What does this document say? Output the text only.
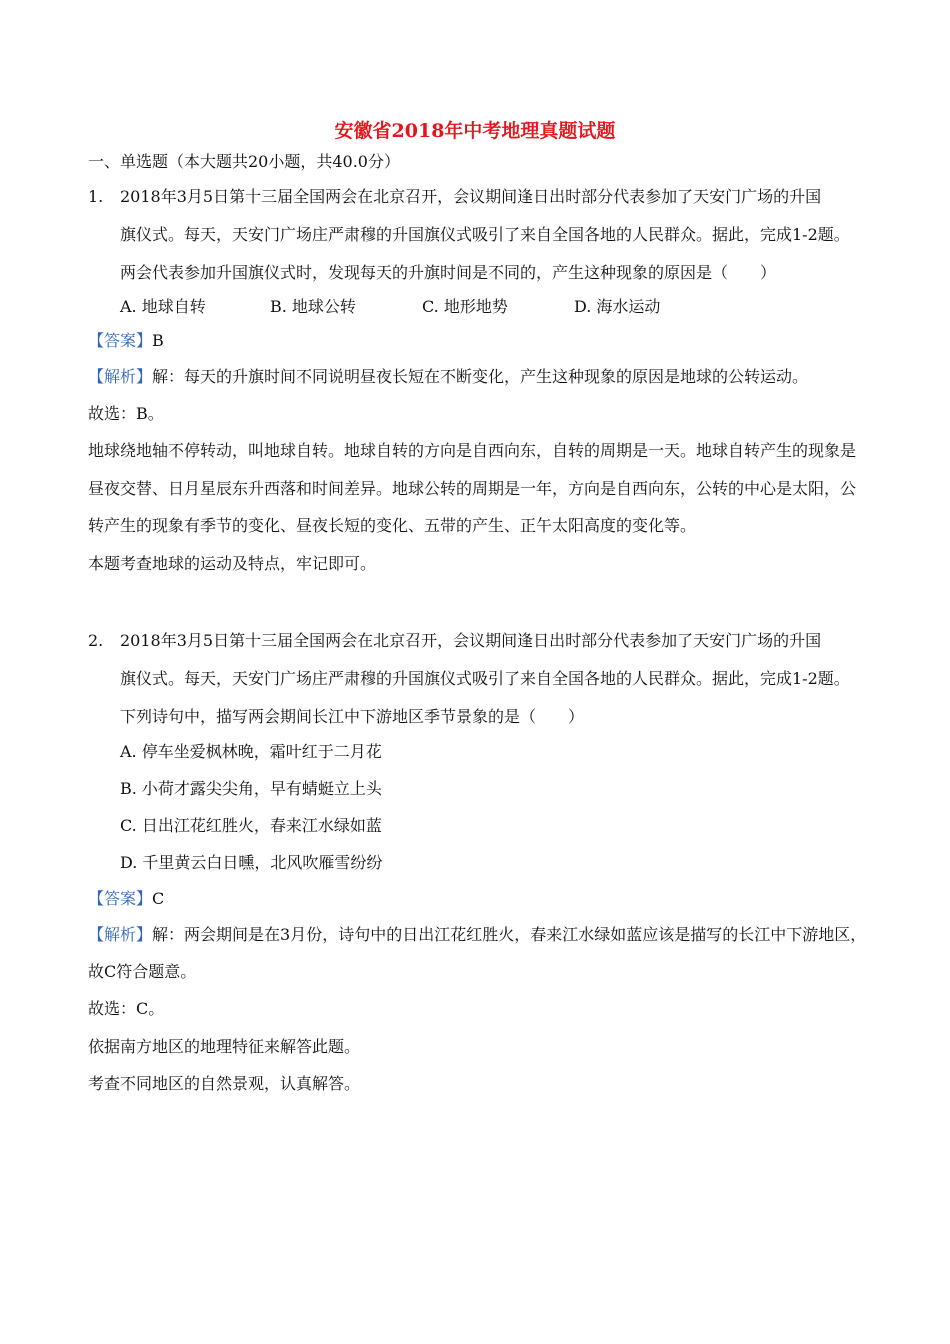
安徽省2018年中考地理真题试题
一、单选题（本大题共20小题，共40.0分）
1. 2018年3月5日第十三届全国两会在北京召开，会议期间逢日出时部分代表参加了天安门广场的升国
旗仪式。每天，天安门广场庄严肃穆的升国旗仪式吸引了来自全国各地的人民群众。据此，完成1-2题。
两会代表参加升国旗仪式时，发现每天的升旗时间是不同的，产生这种现象的原因是（　　）
A. 地球自转	B. 地球公转	C. 地形地势	D. 海水运动
【答案】B
【解析】解：每天的升旗时间不同说明昼夜长短在不断变化，产生这种现象的原因是地球的公转运动。
故选：B。
地球绕地轴不停转动，叫地球自转。地球自转的方向是自西向东，自转的周期是一天。地球自转产生的现象是
昼夜交替、日月星辰东升西落和时间差异。地球公转的周期是一年，方向是自西向东，公转的中心是太阳，公
转产生的现象有季节的变化、昼夜长短的变化、五带的产生、正午太阳高度的变化等。
本题考查地球的运动及特点，牢记即可。
2. 2018年3月5日第十三届全国两会在北京召开，会议期间逢日出时部分代表参加了天安门广场的升国
旗仪式。每天，天安门广场庄严肃穆的升国旗仪式吸引了来自全国各地的人民群众。据此，完成1-2题。
下列诗句中，描写两会期间长江中下游地区季节景象的是（　　）
A. 停车坐爱枫林晚，霜叶红于二月花
B. 小荷才露尖尖角，早有蜻蜓立上头
C. 日出江花红胜火，春来江水绿如蓝
D. 千里黄云白日曛，北风吹雁雪纷纷
【答案】C
【解析】解：两会期间是在3月份，诗句中的日出江花红胜火，春来江水绿如蓝应该是描写的长江中下游地区，
故C符合题意。
故选：C。
依据南方地区的地理特征来解答此题。
考查不同地区的自然景观，认真解答。
